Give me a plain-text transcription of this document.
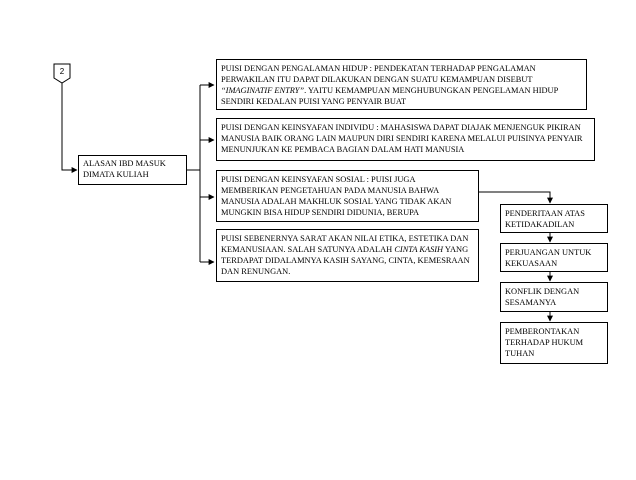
2
ALASAN IBD MASUK DIMATA KULIAH
PUISI DENGAN PENGALAMAN HIDUP : PENDEKATAN TERHADAP PENGALAMAN PERWAKILAN ITU DAPAT DILAKUKAN DENGAN SUATU KEMAMPUAN DISEBUT “IMAGINATIF ENTRY”. YAITU KEMAMPUAN MENGHUBUNGKAN PENGELAMAN HIDUP SENDIRI KEDALAN PUISI YANG PENYAIR BUAT
PUISI DENGAN KEINSYAFAN INDIVIDU : MAHASISWA DAPAT DIAJAK MENJENGUK PIKIRAN MANUSIA BAIK ORANG LAIN MAUPUN DIRI SENDIRI KARENA MELALUI PUISINYA PENYAIR MENUNJUKAN KE PEMBACA BAGIAN DALAM HATI MANUSIA
PUISI DENGAN KEINSYAFAN SOSIAL : PUISI JUGA MEMBERIKAN PENGETAHUAN PADA MANUSIA BAHWA MANUSIA ADALAH MAKHLUK SOSIAL YANG TIDAK AKAN MUNGKIN BISA HIDUP SENDIRI DIDUNIA, BERUPA
PUISI SEBENERNYA SARAT AKAN NILAI ETIKA, ESTETIKA DAN KEMANUSIAAN. SALAH SATUNYA ADALAH CINTA KASIH YANG TERDAPAT DIDALAMNYA KASIH SAYANG, CINTA, KEMESRAAN DAN RENUNGAN.
PENDERITAAN ATAS KETIDAKADILAN
PERJUANGAN UNTUK KEKUASAAN
KONFLIK DENGAN SESAMANYA
PEMBERONTAKAN TERHADAP HUKUM TUHAN
